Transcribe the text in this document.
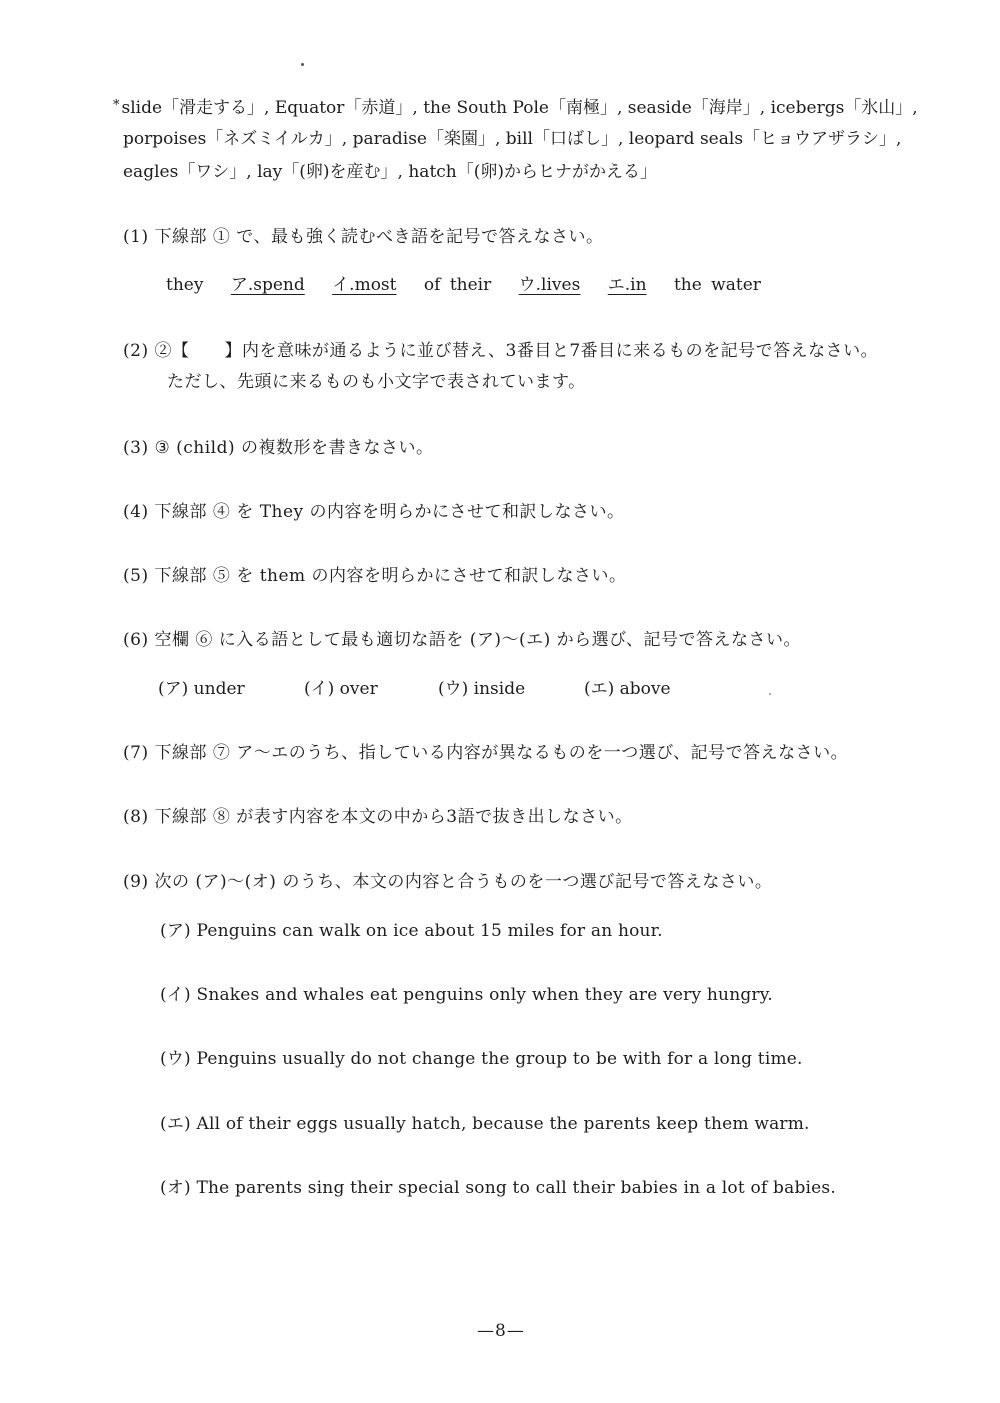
* slide「滑走する」, Equator「赤道」, the South Pole「南極」, seaside「海岸」, icebergs「氷山」,
porpoises「ネズミイルカ」, paradise「楽園」, bill「口ばし」, leopard seals「ヒョウアザラシ」,
eagles「ワシ」, lay「(卵)を産む」, hatch「(卵)からヒナがかえる」
(1) 下線部 ① で、最も強く読むべき語を記号で答えなさい。
they ア.spend イ.most of their ウ.lives エ.in the water
(2) ②【　　】内を意味が通るように並び替え、3番目と7番目に来るものを記号で答えなさい。
ただし、先頭に来るものも小文字で表されています。
(3) ③ (child) の複数形を書きなさい。
(4) 下線部 ④ を They の内容を明らかにさせて和訳しなさい。
(5) 下線部 ⑤ を them の内容を明らかにさせて和訳しなさい。
(6) 空欄 ⑥ に入る語として最も適切な語を (ア)〜(エ) から選び、記号で答えなさい。
(ア) under	(イ) over	(ウ) inside	(エ) above
(7) 下線部 ⑦ ア〜エのうち、指している内容が異なるものを一つ選び、記号で答えなさい。
(8) 下線部 ⑧ が表す内容を本文の中から3語で抜き出しなさい。
(9) 次の (ア)〜(オ) のうち、本文の内容と合うものを一つ選び記号で答えなさい。
(ア) Penguins can walk on ice about 15 miles for an hour.
(イ) Snakes and whales eat penguins only when they are very hungry.
(ウ) Penguins usually do not change the group to be with for a long time.
(エ) All of their eggs usually hatch, because the parents keep them warm.
(オ) The parents sing their special song to call their babies in a lot of babies.
—8—
